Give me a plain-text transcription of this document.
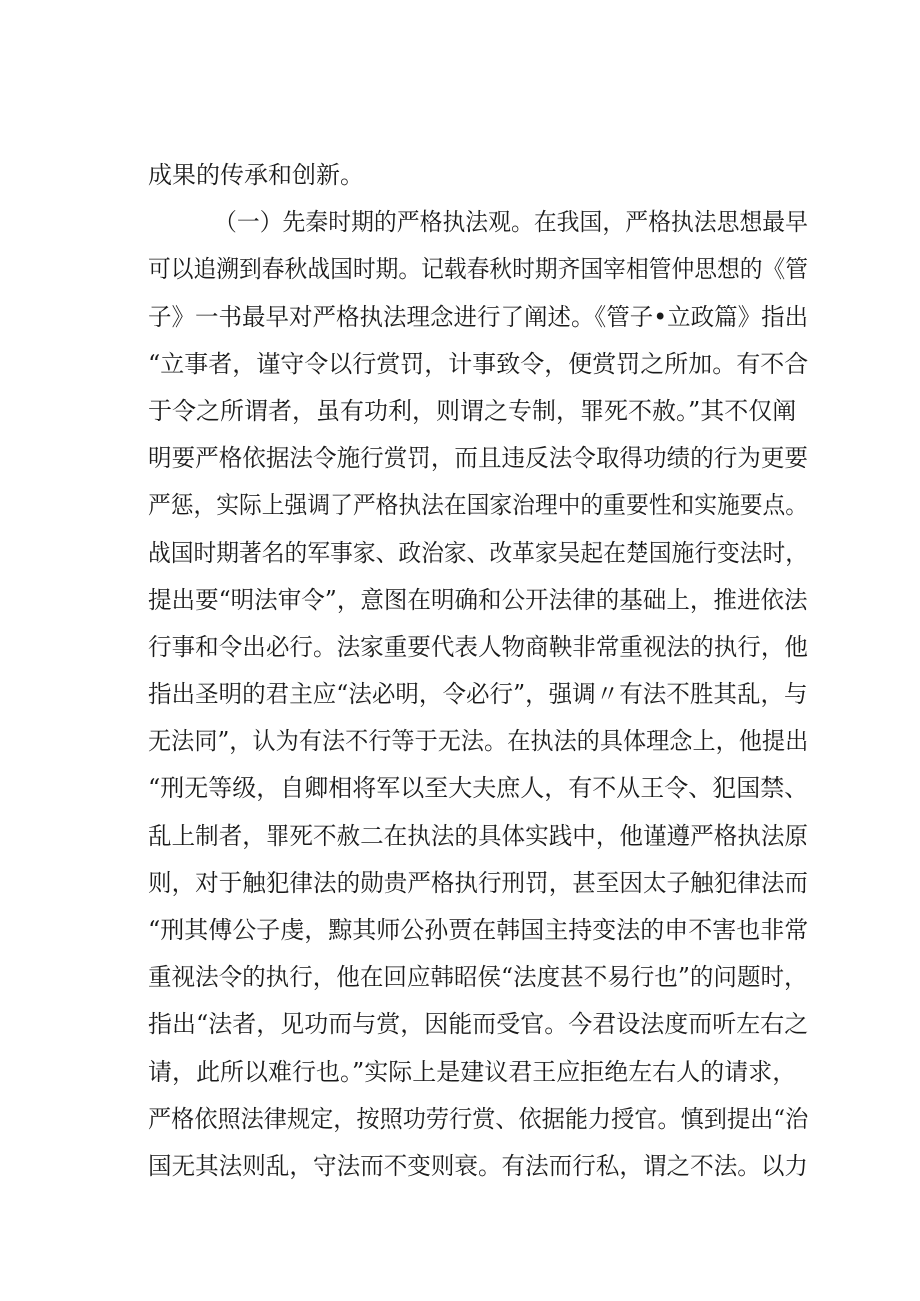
成果的传承和创新。
（一）先秦时期的严格执法观。在我国，严格执法思想最早
可以追溯到春秋战国时期。记载春秋时期齐国宰相管仲思想的《管
子》一书最早对严格执法理念进行了阐述。《管子•立政篇》指出
“立事者，谨守令以行赏罚，计事致令，便赏罚之所加。有不合
于令之所谓者，虽有功利，则谓之专制，罪死不赦。”其不仅阐
明要严格依据法令施行赏罚，而且违反法令取得功绩的行为更要
严惩，实际上强调了严格执法在国家治理中的重要性和实施要点。
战国时期著名的军事家、政治家、改革家吴起在楚国施行变法时，
提出要“明法审令”，意图在明确和公开法律的基础上，推进依法
行事和令出必行。法家重要代表人物商鞅非常重视法的执行，他
指出圣明的君主应“法必明，令必行”，强调〃有法不胜其乱，与
无法同”，认为有法不行等于无法。在执法的具体理念上，他提出
“刑无等级，自卿相将军以至大夫庶人，有不从王令、犯国禁、
乱上制者，罪死不赦二在执法的具体实践中，他谨遵严格执法原
则，对于触犯律法的勋贵严格执行刑罚，甚至因太子触犯律法而
“刑其傅公子虔，黥其师公孙贾在韩国主持变法的申不害也非常
重视法令的执行，他在回应韩昭侯“法度甚不易行也”的问题时，
指出“法者，见功而与赏，因能而受官。今君设法度而听左右之
请，此所以难行也。”实际上是建议君王应拒绝左右人的请求，
严格依照法律规定，按照功劳行赏、依据能力授官。慎到提出“治
国无其法则乱，守法而不变则衰。有法而行私，谓之不法。以力
